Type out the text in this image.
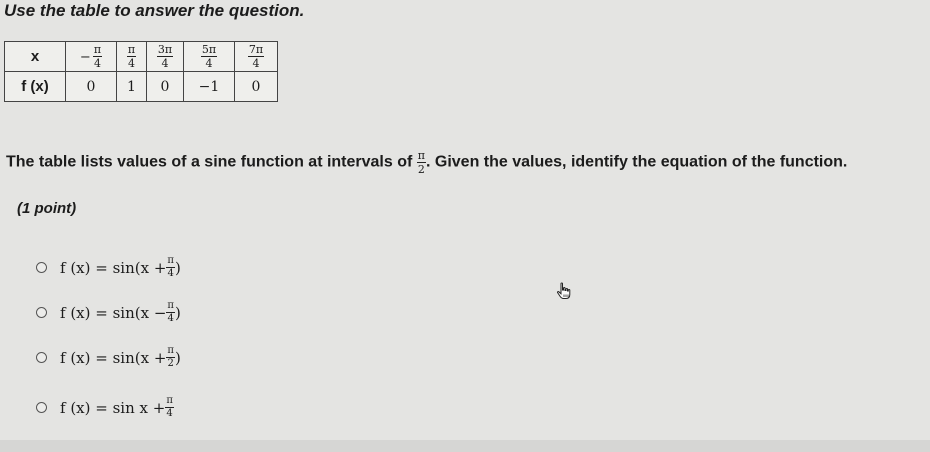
Use the table to answer the question.
x	− $\frac{\pi}{4}$	$\frac{\pi}{4}$	$\frac{3\pi}{4}$	$\frac{5\pi}{4}$	$\frac{7\pi}{4}$

f (x)	0	1	0	−1	0
The table lists values of a sine function at intervals of $\frac{\pi}{2}$ . Given the values, identify the equation of the function.
(1 point)
f $(x) = \sin(x + \frac{\pi}{4}$ )
f $(x) = \sin(x - \frac{\pi}{4}$ )
f $(x) = \sin(x + \frac{\pi}{2}$ )
f $(x) = \sin x + \frac{\pi}{4}$
